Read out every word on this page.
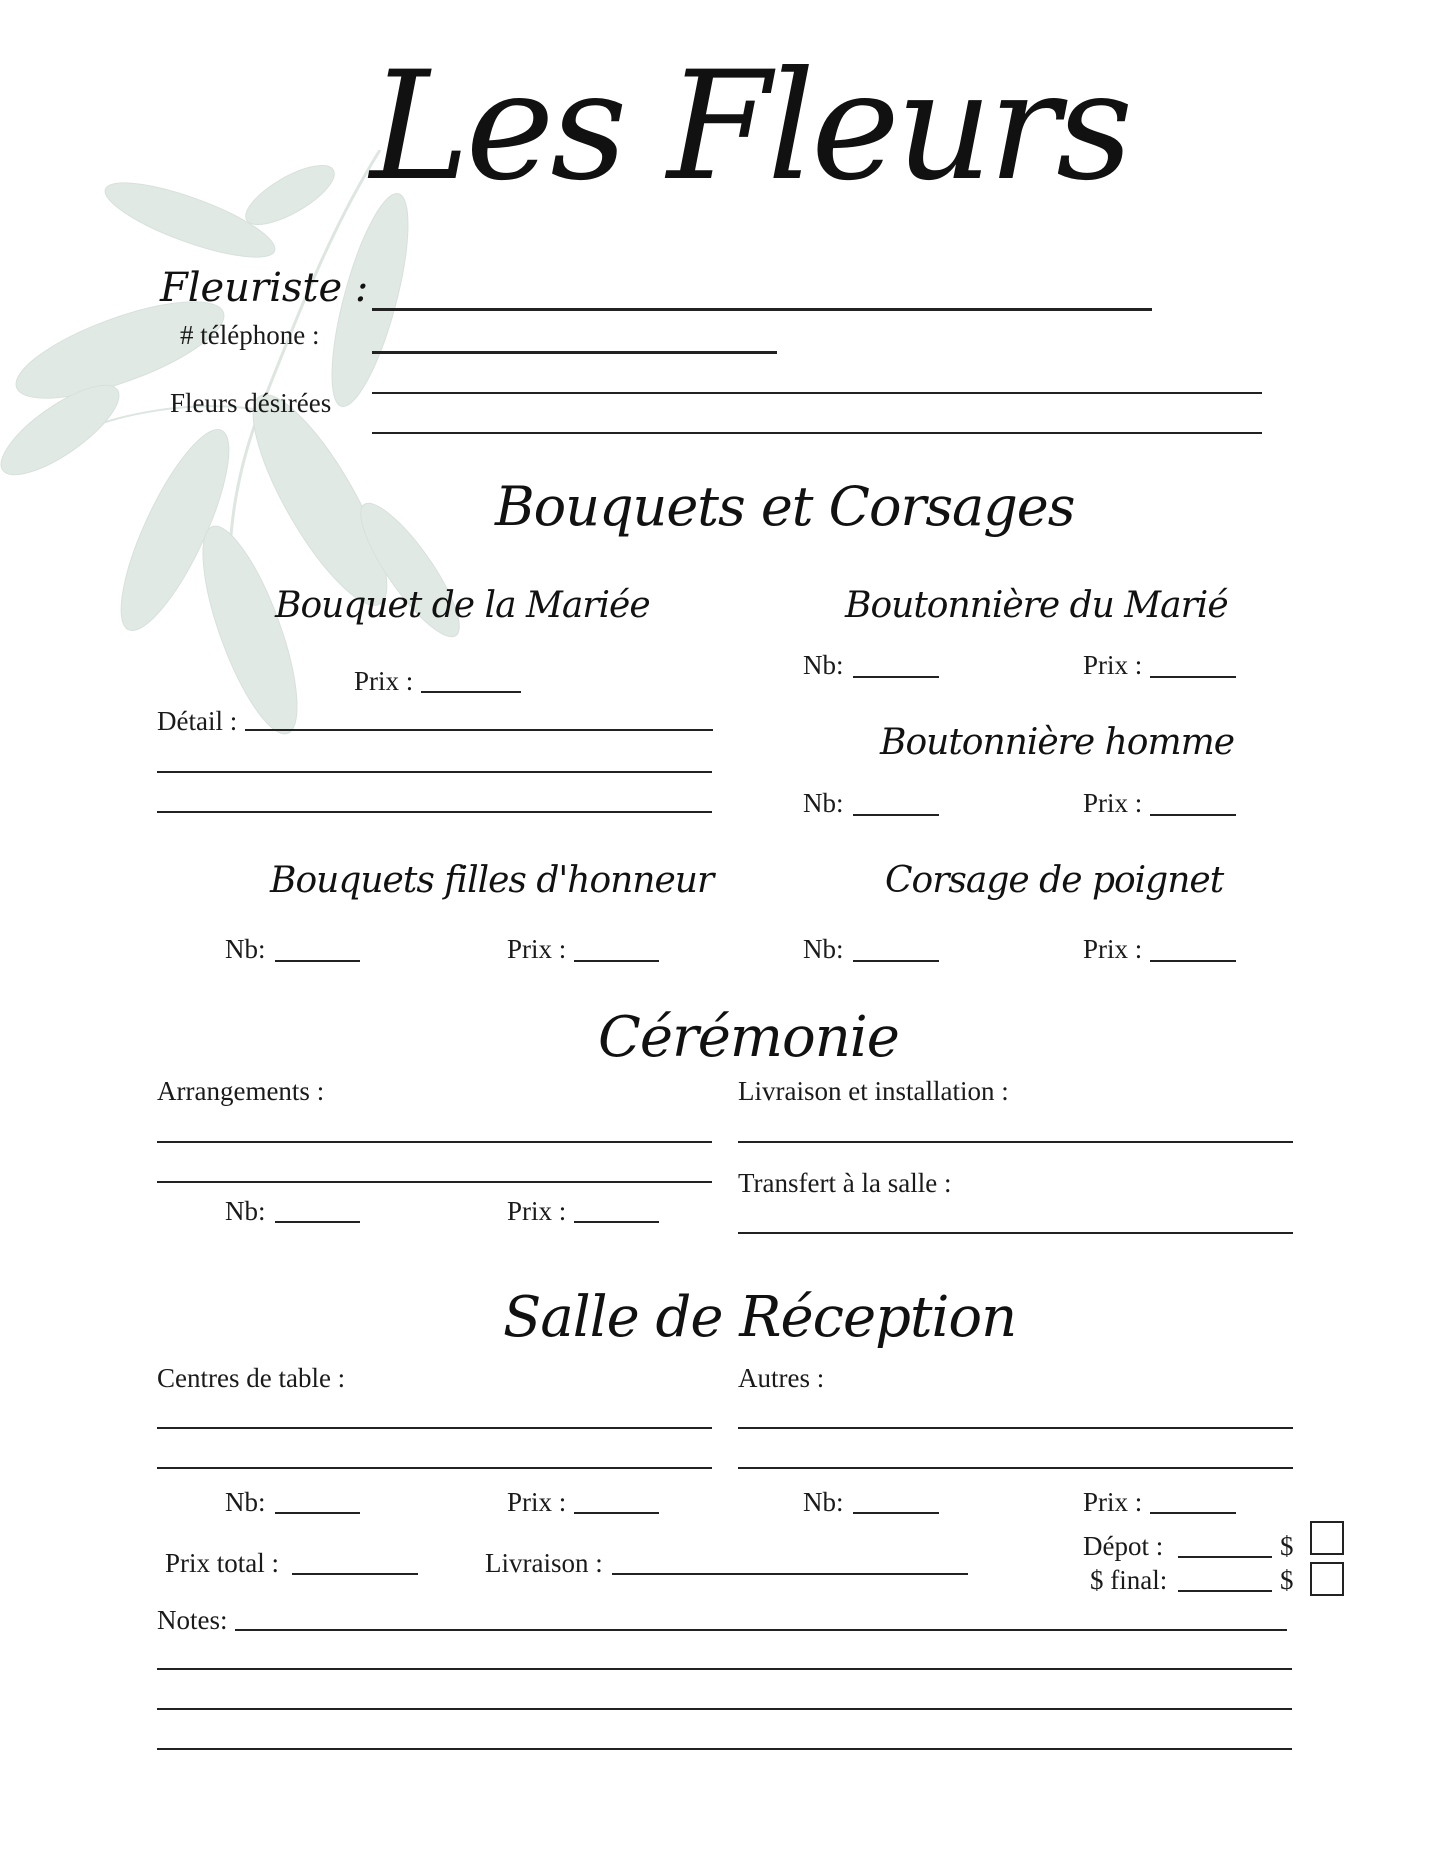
Les Fleurs
Fleuriste :
# téléphone :
Fleurs désirées
Bouquets et Corsages
Bouquet de la Mariée	Boutonnière du Marié
Nb:	Prix :
Prix :
Détail :
Boutonnière homme
Nb:	Prix :
Bouquets filles d'honneur	Corsage de poignet
Nb:	Prix :	Nb:	Prix :
Cérémonie
Arrangements :
Nb:	Prix :
Livraison et installation :
Transfert à la salle :
Salle de Réception
Centres de table :	Autres :
Nb:	Prix :	Nb:	Prix :
Prix total :	Livraison :
Dépot :	$
$ final:	$
Notes:
